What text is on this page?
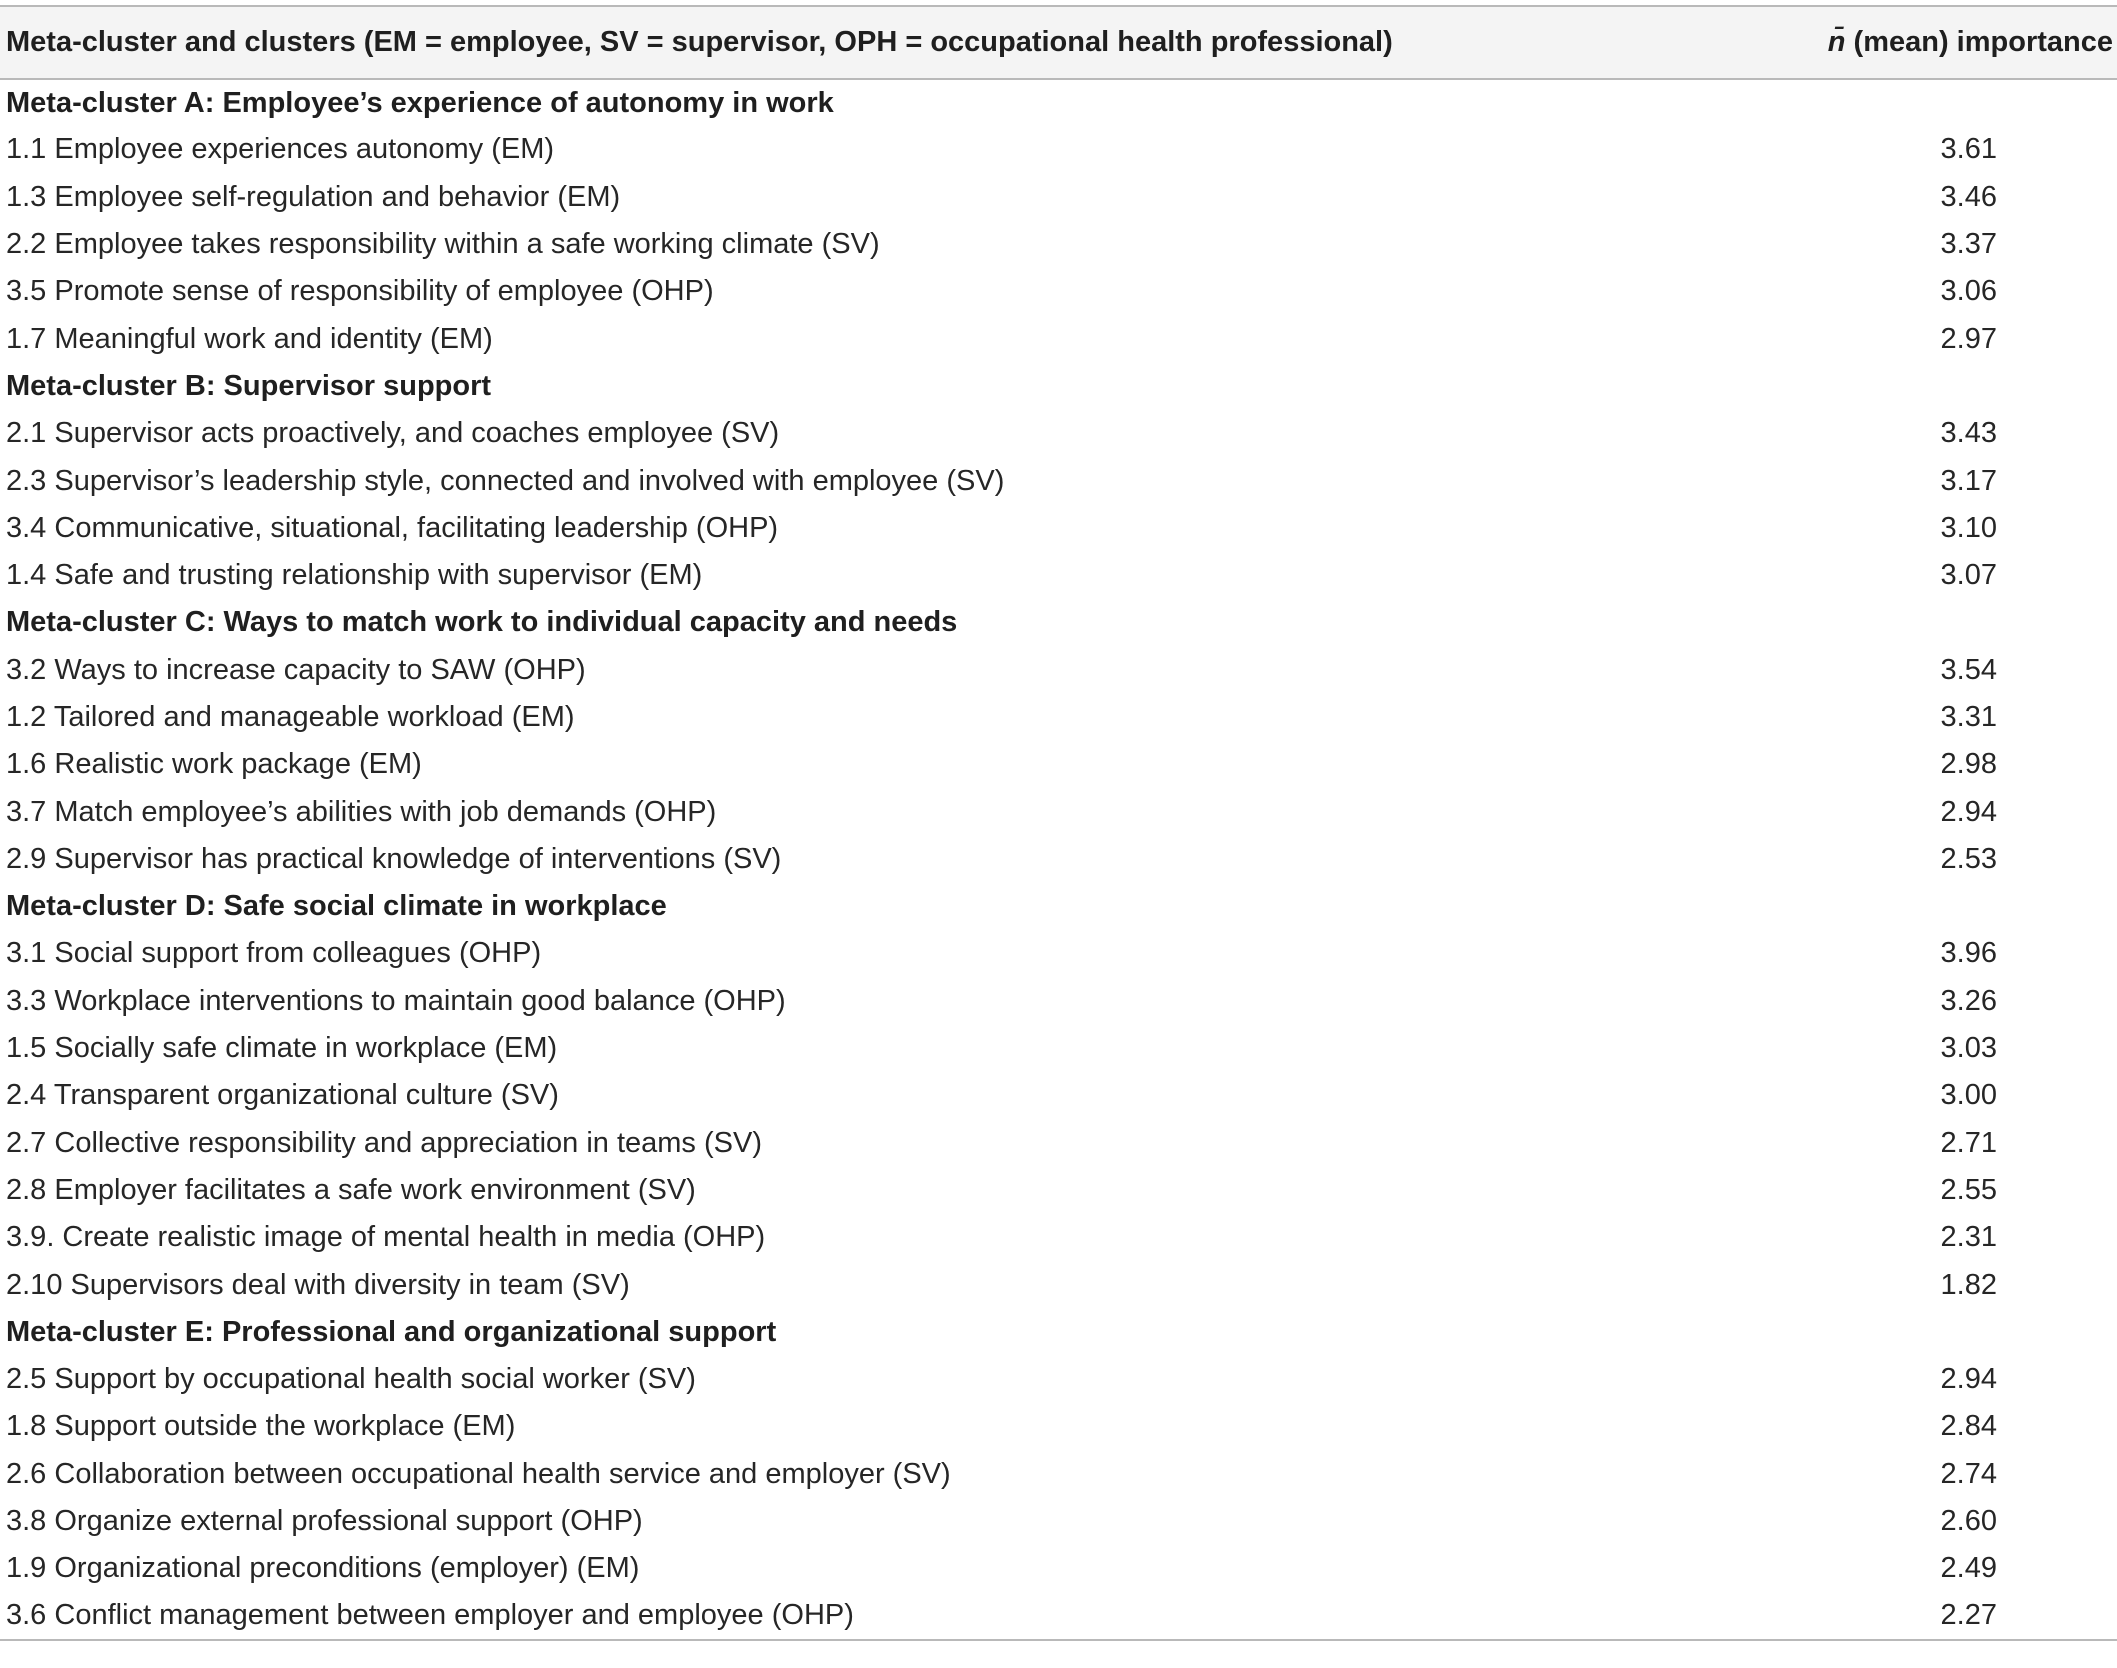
Meta-cluster and clusters (EM = employee, SV = supervisor, OPH = occupational health professional)	n̄ (mean) importance
Meta-cluster A: Employee’s experience of autonomy in work	
1.1 Employee experiences autonomy (EM)	3.61

1.3 Employee self-regulation and behavior (EM)	3.46

2.2 Employee takes responsibility within a safe working climate (SV)	3.37

3.5 Promote sense of responsibility of employee (OHP)	3.06

1.7 Meaningful work and identity (EM)	2.97

Meta-cluster B: Supervisor support	
2.1 Supervisor acts proactively, and coaches employee (SV)	3.43

2.3 Supervisor’s leadership style, connected and involved with employee (SV)	3.17

3.4 Communicative, situational, facilitating leadership (OHP)	3.10

1.4 Safe and trusting relationship with supervisor (EM)	3.07

Meta-cluster C: Ways to match work to individual capacity and needs	
3.2 Ways to increase capacity to SAW (OHP)	3.54

1.2 Tailored and manageable workload (EM)	3.31

1.6 Realistic work package (EM)	2.98

3.7 Match employee’s abilities with job demands (OHP)	2.94

2.9 Supervisor has practical knowledge of interventions (SV)	2.53

Meta-cluster D: Safe social climate in workplace	
3.1 Social support from colleagues (OHP)	3.96

3.3 Workplace interventions to maintain good balance (OHP)	3.26

1.5 Socially safe climate in workplace (EM)	3.03

2.4 Transparent organizational culture (SV)	3.00

2.7 Collective responsibility and appreciation in teams (SV)	2.71

2.8 Employer facilitates a safe work environment (SV)	2.55

3.9. Create realistic image of mental health in media (OHP)	2.31

2.10 Supervisors deal with diversity in team (SV)	1.82

Meta-cluster E: Professional and organizational support	
2.5 Support by occupational health social worker (SV)	2.94

1.8 Support outside the workplace (EM)	2.84

2.6 Collaboration between occupational health service and employer (SV)	2.74

3.8 Organize external professional support (OHP)	2.60

1.9 Organizational preconditions (employer) (EM)	2.49

3.6 Conflict management between employer and employee (OHP)	2.27
